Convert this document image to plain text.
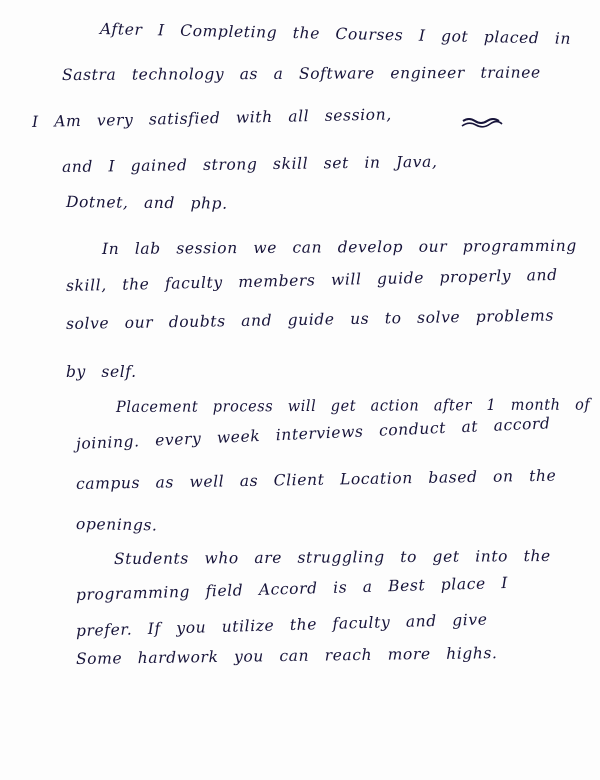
After I Completing the Courses I got placed in
Sastra technology as a Software engineer trainee
I Am very satisfied with all session,
and I gained strong skill set in Java,
Dotnet, and php.
In lab session we can develop our programming
skill, the faculty members will guide properly and
solve our doubts and guide us to solve problems
by self.
Placement process will get action after 1 month of
joining. every week interviews conduct at accord
campus as well as Client Location based on the
openings.
Students who are struggling to get into the
programming field Accord is a Best place I
prefer. If you utilize the faculty and give
Some hardwork you can reach more highs.
